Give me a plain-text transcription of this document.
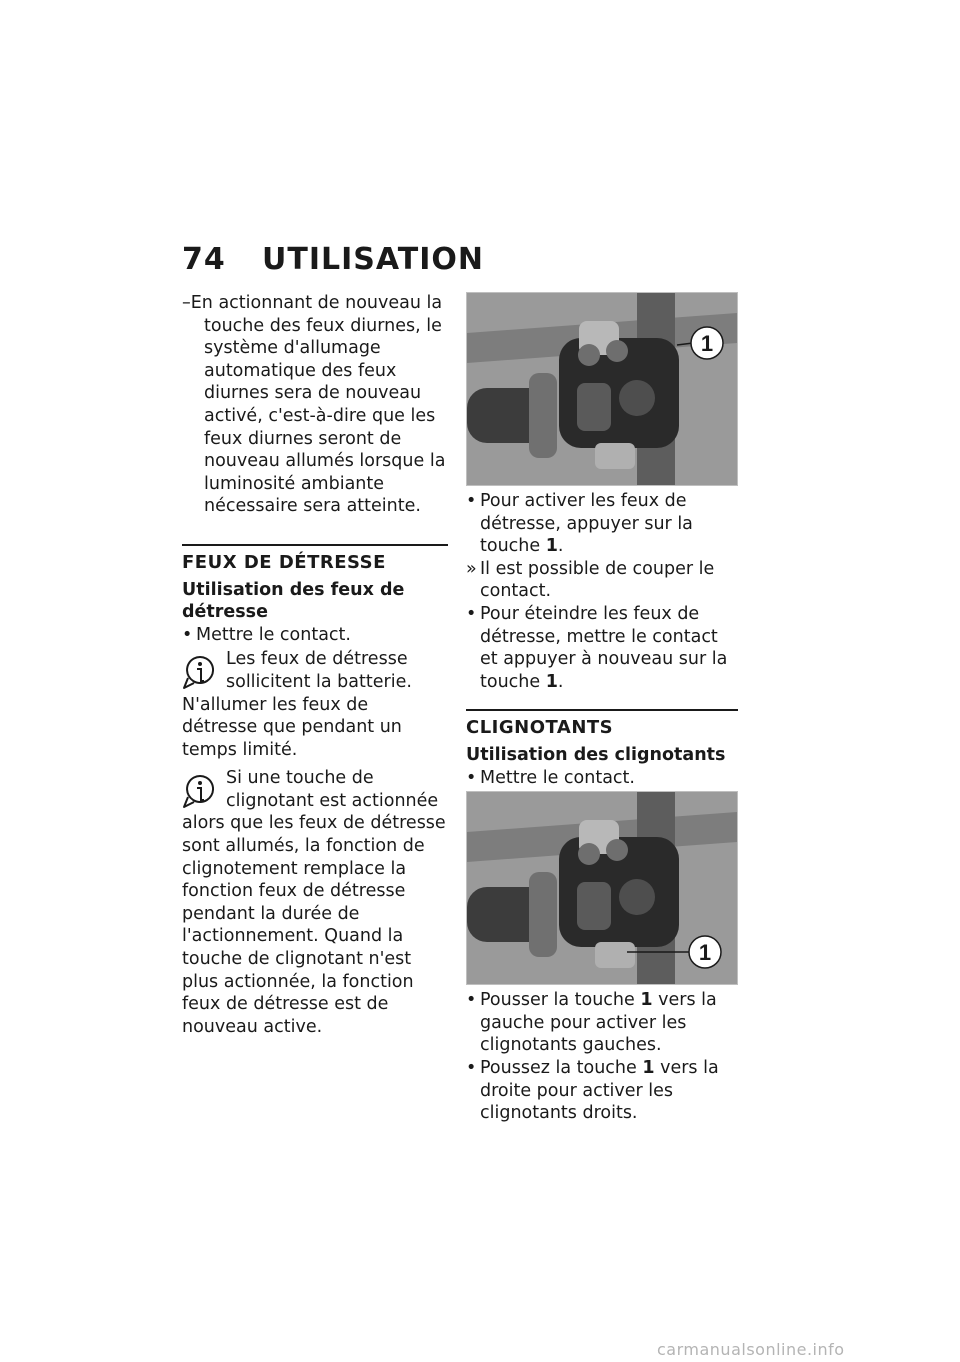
74 UTILISATION

–En actionnant de nouveau la touche des feux diurnes, le système d'allumage automatique des feux diurnes sera de nouveau activé, c'est-à-dire que les feux diurnes seront de nouveau allumés lorsque la luminosité ambiante nécessaire sera atteinte.

FEUX DE DÉTRESSE

Utilisation des feux de détresse

• Mettre le contact.

Les feux de détresse sollicitent la batterie. N'allumer les feux de détresse que pendant un temps limité.

Si une touche de clignotant est actionnée alors que les feux de détresse sont allumés, la fonction de clignotement remplace la fonction feux de détresse pendant la durée de l'actionnement. Quand la touche de clignotant n'est plus actionnée, la fonction feux de détresse est de nouveau active.

1

• Pour activer les feux de détresse, appuyer sur la touche 1.

» Il est possible de couper le contact.

• Pour éteindre les feux de détresse, mettre le contact et appuyer à nouveau sur la touche 1.

CLIGNOTANTS

Utilisation des clignotants

• Mettre le contact.

1

• Pousser la touche 1 vers la gauche pour activer les clignotants gauches.

• Poussez la touche 1 vers la droite pour activer les clignotants droits.

carmanualsonline.info
